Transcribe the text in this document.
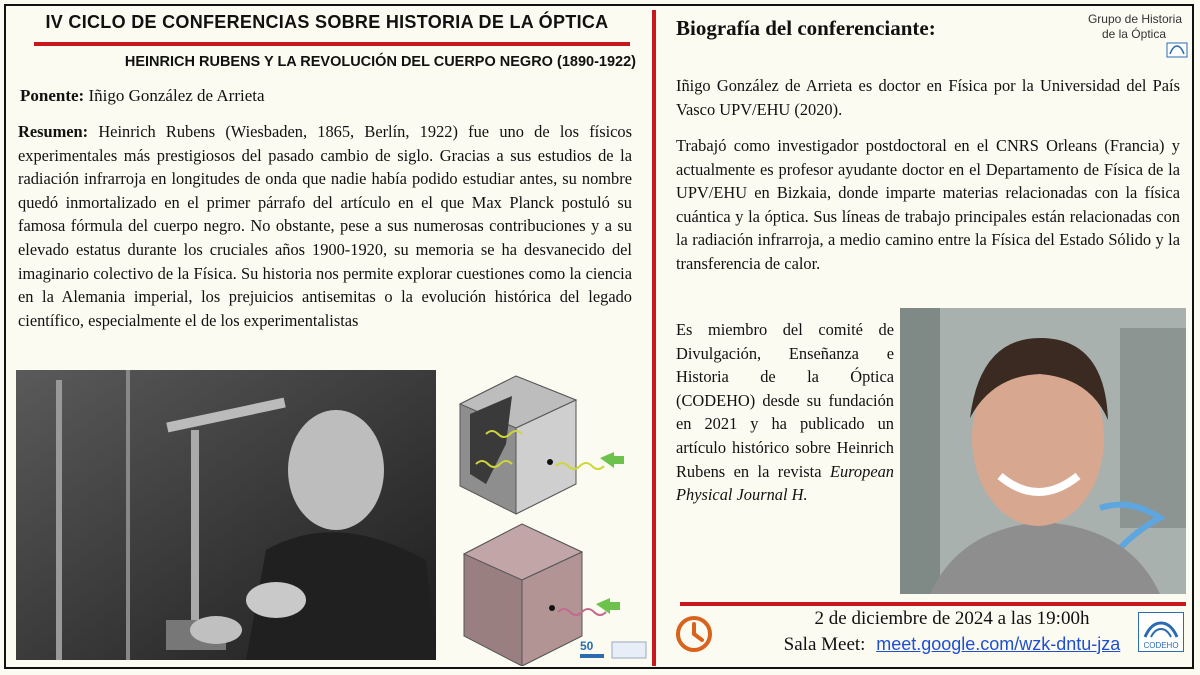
IV CICLO DE CONFERENCIAS SOBRE HISTORIA DE LA ÓPTICA
HEINRICH RUBENS Y LA REVOLUCIÓN DEL CUERPO NEGRO (1890-1922)
Ponente: Iñigo González de Arrieta
Resumen: Heinrich Rubens (Wiesbaden, 1865, Berlín, 1922) fue uno de los físicos experimentales más prestigiosos del pasado cambio de siglo. Gracias a sus estudios de la radiación infrarroja en longitudes de onda que nadie había podido estudiar antes, su nombre quedó inmortalizado en el primer párrafo del artículo en el que Max Planck postuló su famosa fórmula del cuerpo negro. No obstante, pese a sus numerosas contribuciones y a su elevado estatus durante los cruciales años 1900-1920, su memoria se ha desvanecido del imaginario colectivo de la Física. Su historia nos permite explorar cuestiones como la ciencia en la Alemania imperial, los prejuicios antisemitas o la evolución histórica del legado científico, especialmente el de los experimentalistas
50
Biografía del conferenciante:	Grupo de Historia
de la Óptica

Iñigo González de Arrieta es doctor en Física por la Universidad del País Vasco UPV/EHU (2020).

Trabajó como investigador postdoctoral en el CNRS Orleans (Francia) y actualmente es profesor ayudante doctor en el Departamento de Física de la UPV/EHU en Bizkaia, donde imparte materias relacionadas con la física cuántica y la óptica. Sus líneas de trabajo principales están relacionadas con la radiación infrarroja, a medio camino entre la Física del Estado Sólido y la transferencia de calor.

Es miembro del comité de Divulgación, Enseñanza e Historia de la Óptica (CODEHO) desde su fundación en 2021 y ha publicado un artículo histórico sobre Heinrich Rubens en la revista European Physical Journal H.

2 de diciembre de 2024 a las 19:00h
Sala Meet: meet.google.com/wzk-dntu-jza	CODEHO
